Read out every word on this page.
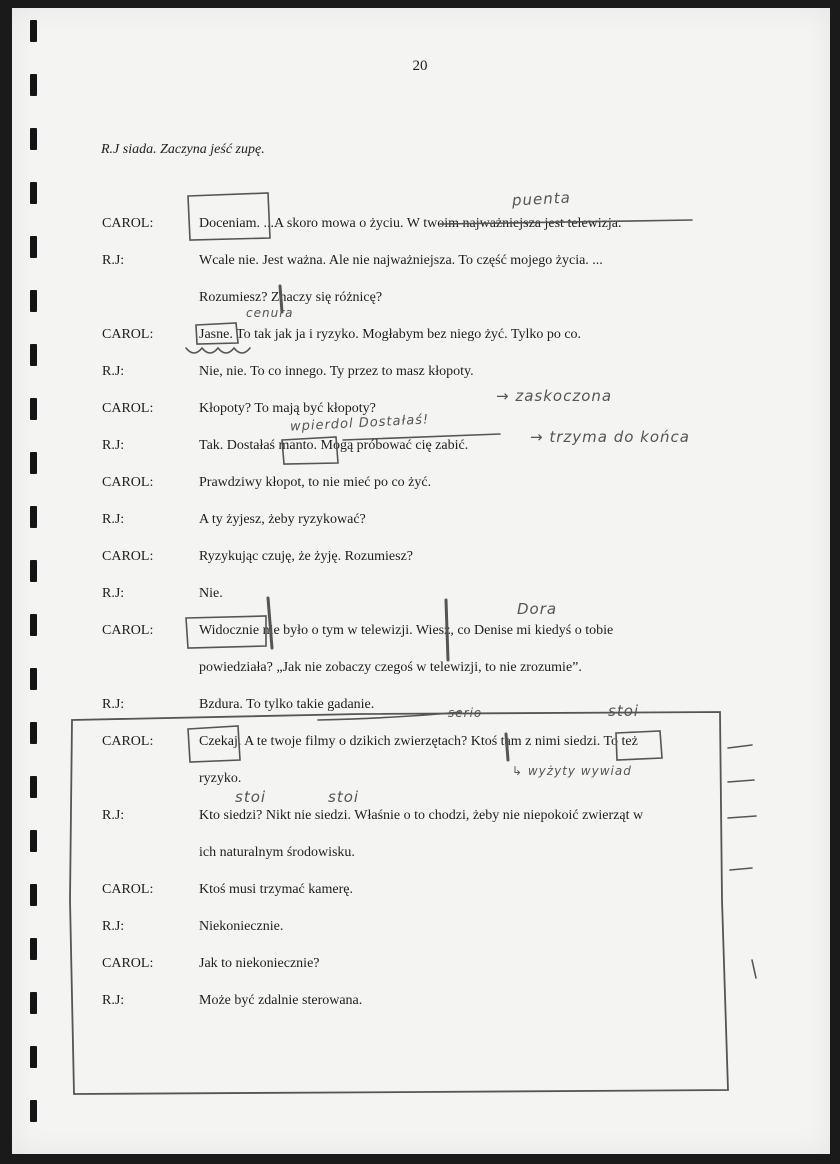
20
R.J siada. Zaczyna jeść zupę.
CAROL:	Doceniam. ...A skoro mowa o życiu. W twoim najważniejsza jest telewizja.
R.J:	Wcale nie. Jest ważna. Ale nie najważniejsza. To część mojego życia. ...
Rozumiesz? Znaczy się różnicę?
CAROL:	Jasne. To tak jak ja i ryzyko. Mogłabym bez niego żyć. Tylko po co.
R.J:	Nie, nie. To co innego. Ty przez to masz kłopoty.
CAROL:	Kłopoty? To mają być kłopoty?
R.J:	Tak. Dostałaś manto. Mogą próbować cię zabić.
CAROL:	Prawdziwy kłopot, to nie mieć po co żyć.
R.J:	A ty żyjesz, żeby ryzykować?
CAROL:	Ryzykując czuję, że żyję. Rozumiesz?
R.J:	Nie.
CAROL:	Widocznie nie było o tym w telewizji. Wiesz, co Denise mi kiedyś o tobie
powiedziała? „Jak nie zobaczy czegoś w telewizji, to nie zrozumie”.
R.J:	Bzdura. To tylko takie gadanie.
CAROL:	Czekaj. A te twoje filmy o dzikich zwierzętach? Ktoś tam z nimi siedzi. To też
ryzyko.
R.J:	Kto siedzi? Nikt nie siedzi. Właśnie o to chodzi, żeby nie niepokoić zwierząt w
ich naturalnym środowisku.
CAROL:	Ktoś musi trzymać kamerę.
R.J:	Niekoniecznie.
CAROL:	Jak to niekoniecznie?
R.J:	Może być zdalnie sterowana.
puenta
cenura
→ zaskoczona
wpierdol Dostałaś!
→ trzyma do końca
Dora
serio	stoi
↳ wyżyty wywiad
stoi	stoi
